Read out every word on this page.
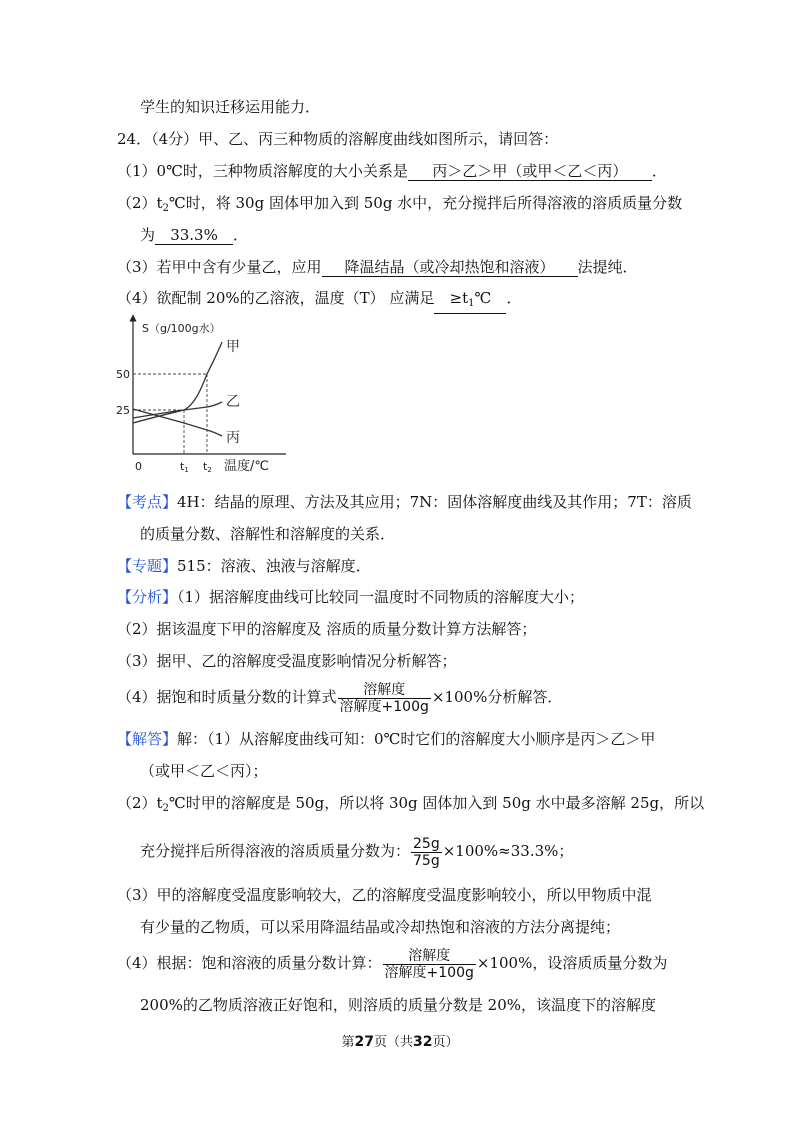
学生的知识迁移运用能力．
24．（4分）甲、乙、丙三种物质的溶解度曲线如图所示，请回答：
（1）0℃时，三种物质溶解度的大小关系是 丙＞乙＞甲（或甲＜乙＜丙） ．
$(2)t_2℃$时，将 30g 固体甲加入到 50g 水中，充分搅拌后所得溶液的溶质质量分数
为 33.3% ．
（3）若甲中含有少量乙，应用 降温结晶（或冷却热饱和溶液） 法提纯．
（4）欲配制 20%的乙溶液，温度（T） 应满足 $\ge t_1℃$ ．
S（g/100g水）
甲
乙
丙
50
25
0	t1 t2 温度/℃
【考点】4H：结晶的原理、方法及其应用；7N：固体溶解度曲线及其作用；7T：溶质
的质量分数、溶解性和溶解度的关系．
【专题】515：溶液、浊液与溶解度．
【分析】（1）据溶解度曲线可比较同一温度时不同物质的溶解度大小；
（2）据该温度下甲的溶解度及 溶质的质量分数计算方法解答；
（3）据甲、乙的溶解度受温度影响情况分析解答；
（4）据饱和时质量分数的计算式 $\frac{\text{溶解度}}{\text{溶解度+100g}} \times 100\%$分析解答．
【解答】解：（1）从溶解度曲线可知：0℃时它们的溶解度大小顺序是丙＞乙＞甲
（或甲＜乙＜丙）；
$(2)t_2℃$时甲的溶解度是 50g，所以将 30g 固体加入到 50g 水中最多溶解 25g，所以
充分搅拌后所得溶液的溶质质量分数为： $\frac{25g}{75g} \times 100\%\approx 33.3\%$；
（3）甲的溶解度受温度影响较大，乙的溶解度受温度影响较小，所以甲物质中混
有少量的乙物质，可以采用降温结晶或冷却热饱和溶液的方法分离提纯；
（4）根据：饱和溶液的质量分数计算： $\frac{\text{溶解度}}{\text{溶解度+100g}} \times 100\%$，设溶质质量分数为
200%的乙物质溶液正好饱和，则溶质的质量分数是 20%，该温度下的溶解度
第27页（共32页）
